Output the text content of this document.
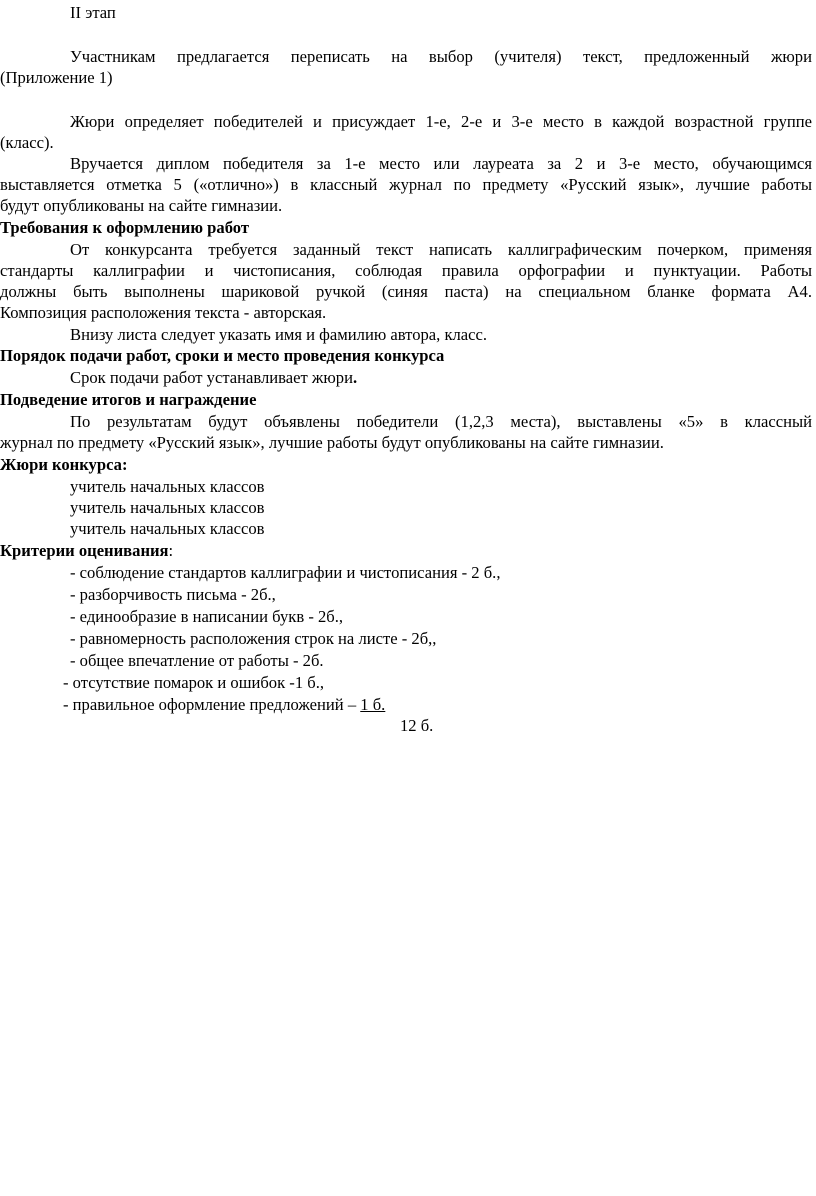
II этап
Участникам предлагается переписать на выбор (учителя) текст, предложенный жюри
(Приложение 1)
Жюри определяет победителей и присуждает 1-е, 2-е и 3-е место в каждой возрастной группе
(класс).
Вручается диплом победителя за 1-е место или лауреата за 2 и 3-е место, обучающимся
выставляется отметка 5 («отлично») в классный журнал по предмету «Русский язык», лучшие работы
будут опубликованы на сайте гимназии.
Требования к оформлению работ
От конкурсанта требуется заданный текст написать каллиграфическим почерком, применяя
стандарты каллиграфии и чистописания, соблюдая правила орфографии и пунктуации. Работы
должны быть выполнены шариковой ручкой (синяя паста) на специальном бланке формата А4.
Композиция расположения текста - авторская.
Внизу листа следует указать имя и фамилию автора, класс.
Порядок подачи работ, сроки и место проведения конкурса
Срок подачи работ устанавливает жюри.
Подведение итогов и награждение
По результатам будут объявлены победители (1,2,3 места), выставлены «5» в классный
журнал по предмету «Русский язык», лучшие работы будут опубликованы на сайте гимназии.
Жюри конкурса:
учитель начальных классов
учитель начальных классов
учитель начальных классов
Критерии оценивания:
- соблюдение стандартов каллиграфии и чистописания - 2 б.,
- разборчивость письма - 2б.,
- единообразие в написании букв - 2б.,
- равномерность расположения строк на листе - 2б,,
- общее впечатление от работы - 2б.
- отсутствие помарок и ошибок -1 б.,
- правильное оформление предложений – 1 б.
12 б.
